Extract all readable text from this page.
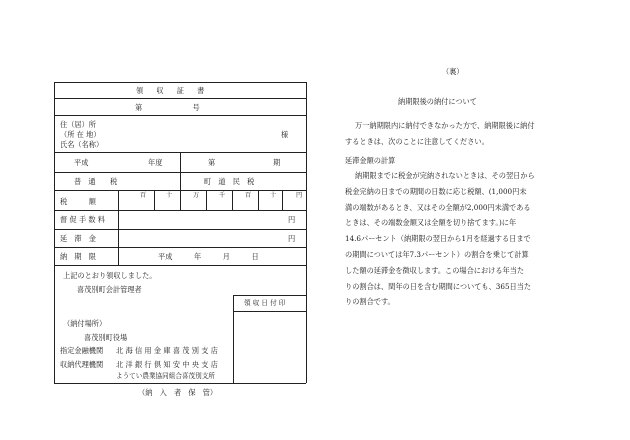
領　収　証　書
第　　　　　　　号
住（居）所
（所 在 地）
氏名（名称）
様
平成	年度	第	期
普　通　　税	町　道　民　税
税　　　額
百	十	万	千	百	十	円
督 促 手 数 料	円
延　滞　金	円
納　期　限	平成　　　年　　　月　　　日
上記のとおり領収しました。
喜茂別町会計管理者
領 収 日 付 印
（納付場所）
喜茂別町役場
指定金融機関 北 海 信 用 金 庫 喜 茂 別 支 店
収納代理機関 北 洋 銀 行 倶 知 安 中 央 支 店
ようてい農業協同組合喜茂別支所
（納　入　者　保　管）
（裏）
納期限後の納付について
万一納期限内に納付できなかった方で、納期限後に納付
するときは、次のことに注意してください。
延滞金額の計算
納期限までに税金が完納されないときは、その翌日から
税金完納の日までの期間の日数に応じ税額、(1,000円未
満の端数があるとき、又はその全額が2,000円未満である
ときは、その端数金額又は全額を切り捨てます。)に年
14.6パーセント（納期限の翌日から1月を経過する日まで
の期間については年7.3パーセント）の割合を乗じて計算
した額の延滞金を徴収します。この場合における年当た
りの割合は、閏年の日を含む期間についても、365日当た
りの割合です。
